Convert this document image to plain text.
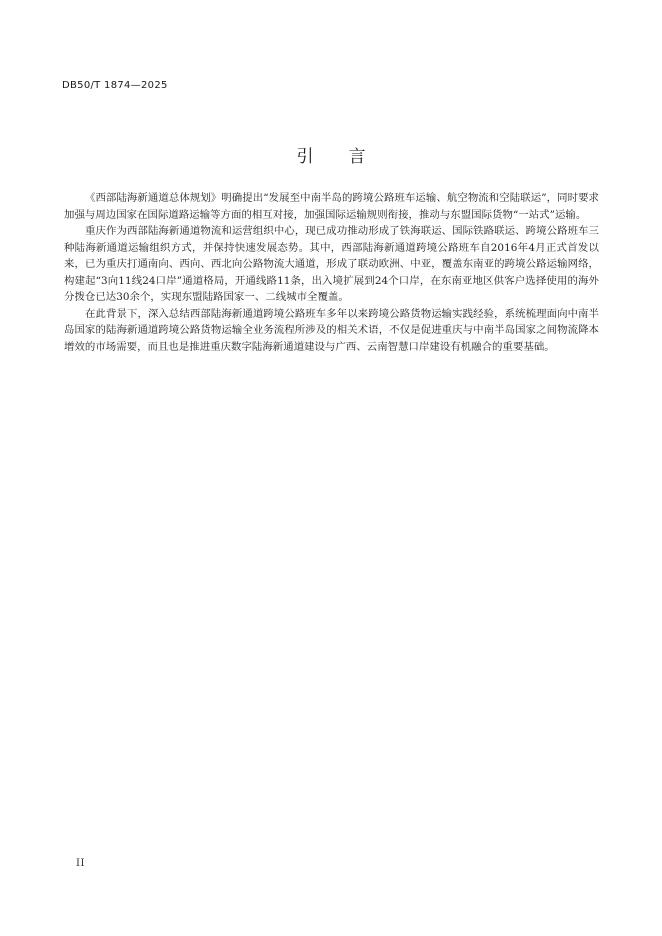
DB50/T 1874—2025
引言

《西部陆海新通道总体规划》明确提出“发展至中南半岛的跨境公路班车运输、航空物流和空陆联运”，同时要求加强与周边国家在国际道路运输等方面的相互对接，加强国际运输规则衔接，推动与东盟国际货物“一站式”运输。

重庆作为西部陆海新通道物流和运营组织中心，现已成功推动形成了铁海联运、国际铁路联运、跨境公路班车三种陆海新通道运输组织方式，并保持快速发展态势。其中，西部陆海新通道跨境公路班车自2016年4月正式首发以来，已为重庆打通南向、西向、西北向公路物流大通道，形成了联动欧洲、中亚，覆盖东南亚的跨境公路运输网络，构建起“3向11线24口岸”通道格局，开通线路11条，出入境扩展到24个口岸，在东南亚地区供客户选择使用的海外分拨仓已达30余个，实现东盟陆路国家一、二线城市全覆盖。

在此背景下，深入总结西部陆海新通道跨境公路班车多年以来跨境公路货物运输实践经验，系统梳理面向中南半岛国家的陆海新通道跨境公路货物运输全业务流程所涉及的相关术语，不仅是促进重庆与中南半岛国家之间物流降本增效的市场需要，而且也是推进重庆数字陆海新通道建设与广西、云南智慧口岸建设有机融合的重要基础。

II
